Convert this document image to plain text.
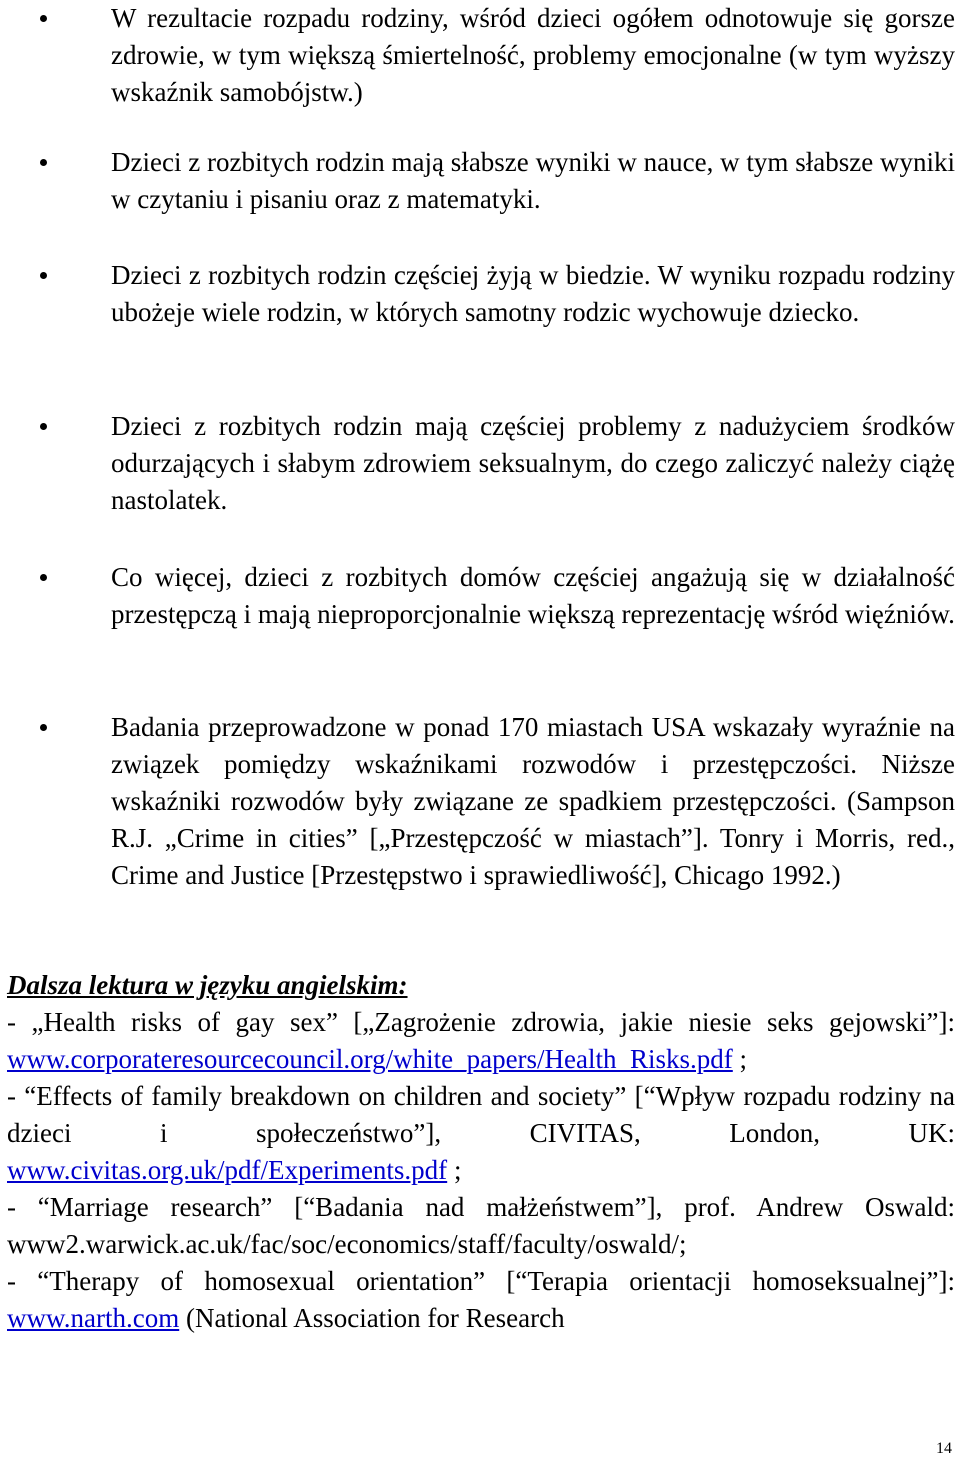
W rezultacie rozpadu rodziny, wśród dzieci ogółem odnotowuje się gorsze zdrowie, w tym większą śmiertelność, problemy emocjonalne (w tym wyższy wskaźnik samobójstw.)

Dzieci z rozbitych rodzin mają słabsze wyniki w nauce, w tym słabsze wyniki w czytaniu i pisaniu oraz z matematyki.

Dzieci z rozbitych rodzin częściej żyją w biedzie. W wyniku rozpadu rodziny ubożeje wiele rodzin, w których samotny rodzic wychowuje dziecko.

Dzieci z rozbitych rodzin mają częściej problemy z nadużyciem środków odurzających i słabym zdrowiem seksualnym, do czego zaliczyć należy ciążę nastolatek.

Co więcej, dzieci z rozbitych domów częściej angażują się w działalność przestępczą i mają nieproporcjonalnie większą reprezentację wśród więźniów.

Badania przeprowadzone w ponad 170 miastach USA wskazały wyraźnie na związek pomiędzy wskaźnikami rozwodów i przestępczości. Niższe wskaźniki rozwodów były związane ze spadkiem przestępczości. (Sampson R.J. „Crime in cities” [„Przestępczość w miastach”]. Tonry i Morris, red., Crime and Justice [Przestępstwo i sprawiedliwość], Chicago 1992.)

Dalsza lektura w języku angielskim:

- „Health risks of gay sex” [„Zagrożenie zdrowia, jakie niesie seks gejowski”]: www.corporateresourcecouncil.org/white_papers/Health_Risks.pdf ;
- “Effects of family breakdown on children and society” [“Wpływ rozpadu rodziny na dzieci i społeczeństwo”], CIVITAS, London, UK: www.civitas.org.uk/pdf/Experiments.pdf ;
- “Marriage research” [“Badania nad małżeństwem”], prof. Andrew Oswald: www2.warwick.ac.uk/fac/soc/economics/staff/faculty/oswald/;
- “Therapy of homosexual orientation” [“Terapia orientacji homoseksualnej”]: www.narth.com (National Association for Research
14
